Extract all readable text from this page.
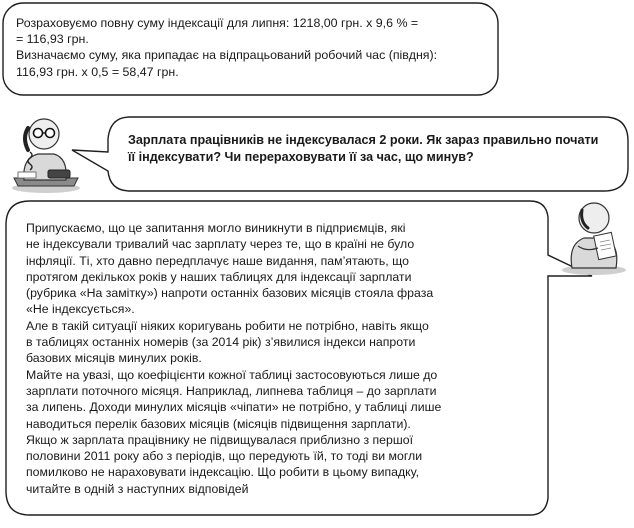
Розраховуємо повну суму індексації для липня: 1218,00 грн. х 9,6 % =
= 116,93 грн.
Визначаємо суму, яка припадає на відпрацьований робочий час (півдня):
116,93 грн. х 0,5 = 58,47 грн.
Зарплата працівників не індексувалася 2 роки. Як зараз правильно почати
її індексувати? Чи перераховувати її за час, що минув?
Припускаємо, що це запитання могло виникнути в підприємців, які
не індексували тривалий час зарплату через те, що в країні не було
інфляції. Ті, хто давно передплачує наше видання, пам’ятають, що
протягом декількох років у наших таблицях для індексації зарплати
(рубрика «На замітку») напроти останніх базових місяців стояла фраза
«Не індексується».
Але в такій ситуації ніяких коригувань робити не потрібно, навіть якщо
в таблицях останніх номерів (за 2014 рік) з’явилися індекси напроти
базових місяців минулих років.
Майте на увазі, що коефіцієнти кожної таблиці застосовуються лише до
зарплати поточного місяця. Наприклад, липнева таблиця – до зарплати
за липень. Доходи минулих місяців «чіпати» не потрібно, у таблиці лише
наводиться перелік базових місяців (місяців підвищення зарплати).
Якщо ж зарплата працівнику не підвищувалася приблизно з першої
половини 2011 року або з періодів, що передують їй, то тоді ви могли
помилково не нараховувати індексацію. Що робити в цьому випадку,
читайте в одній з наступних відповідей
